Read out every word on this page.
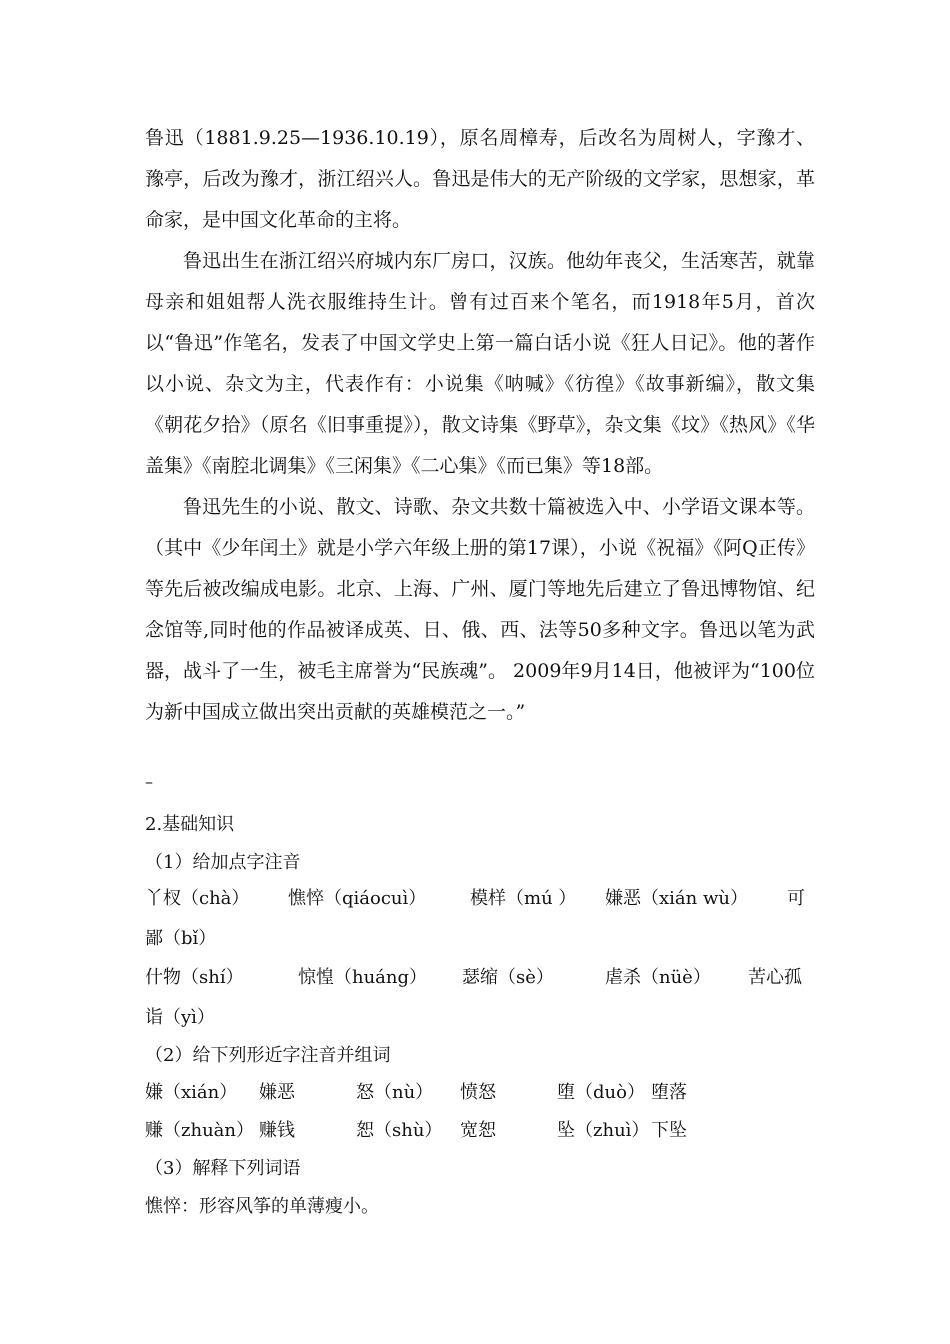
鲁迅（1881.9.25—1936.10.19），原名周樟寿，后改名为周树人，字豫才、豫亭，后改为豫才，浙江绍兴人。鲁迅是伟大的无产阶级的文学家，思想家，革命家，是中国文化革命的主将。

鲁迅出生在浙江绍兴府城内东厂房口，汉族。他幼年丧父，生活寒苦，就靠母亲和姐姐帮人洗衣服维持生计。曾有过百来个笔名，而1918年5月，首次以“鲁迅”作笔名，发表了中国文学史上第一篇白话小说《狂人日记》。他的著作以小说、杂文为主，代表作有：小说集《呐喊》《彷徨》《故事新编》，散文集《朝花夕拾》（原名《旧事重提》），散文诗集《野草》，杂文集《坟》《热风》《华盖集》《南腔北调集》《三闲集》《二心集》《而已集》等18部。

鲁迅先生的小说、散文、诗歌、杂文共数十篇被选入中、小学语文课本等。（其中《少年闰土》就是小学六年级上册的第17课），小说《祝福》《阿Q正传》等先后被改编成电影。北京、上海、广州、厦门等地先后建立了鲁迅博物馆、纪念馆等,同时他的作品被译成英、日、俄、西、法等50多种文字。鲁迅以笔为武器，战斗了一生，被毛主席誉为“民族魂”。 2009年9月14日，他被评为“100位为新中国成立做出突出贡献的英雄模范之一。”

–
2.基础知识
（1）给加点字注音
丫杈（chà） 憔悴（qiáocuì） 模样（mú ） 嫌恶（xián wù） 可
鄙（bǐ）
什物（shí）	惊惶（huáng） 瑟缩（sè）	虐杀（nüè） 苦心孤
诣（yì）
（2）给下列形近字注音并组词
嫌（xián） 嫌恶	怒（nù） 愤怒	堕（duò） 堕落
赚（zhuàn） 赚钱	恕（shù） 宽恕	坠（zhuì） 下坠
（3）解释下列词语
憔悴：形容风筝的单薄瘦小。
